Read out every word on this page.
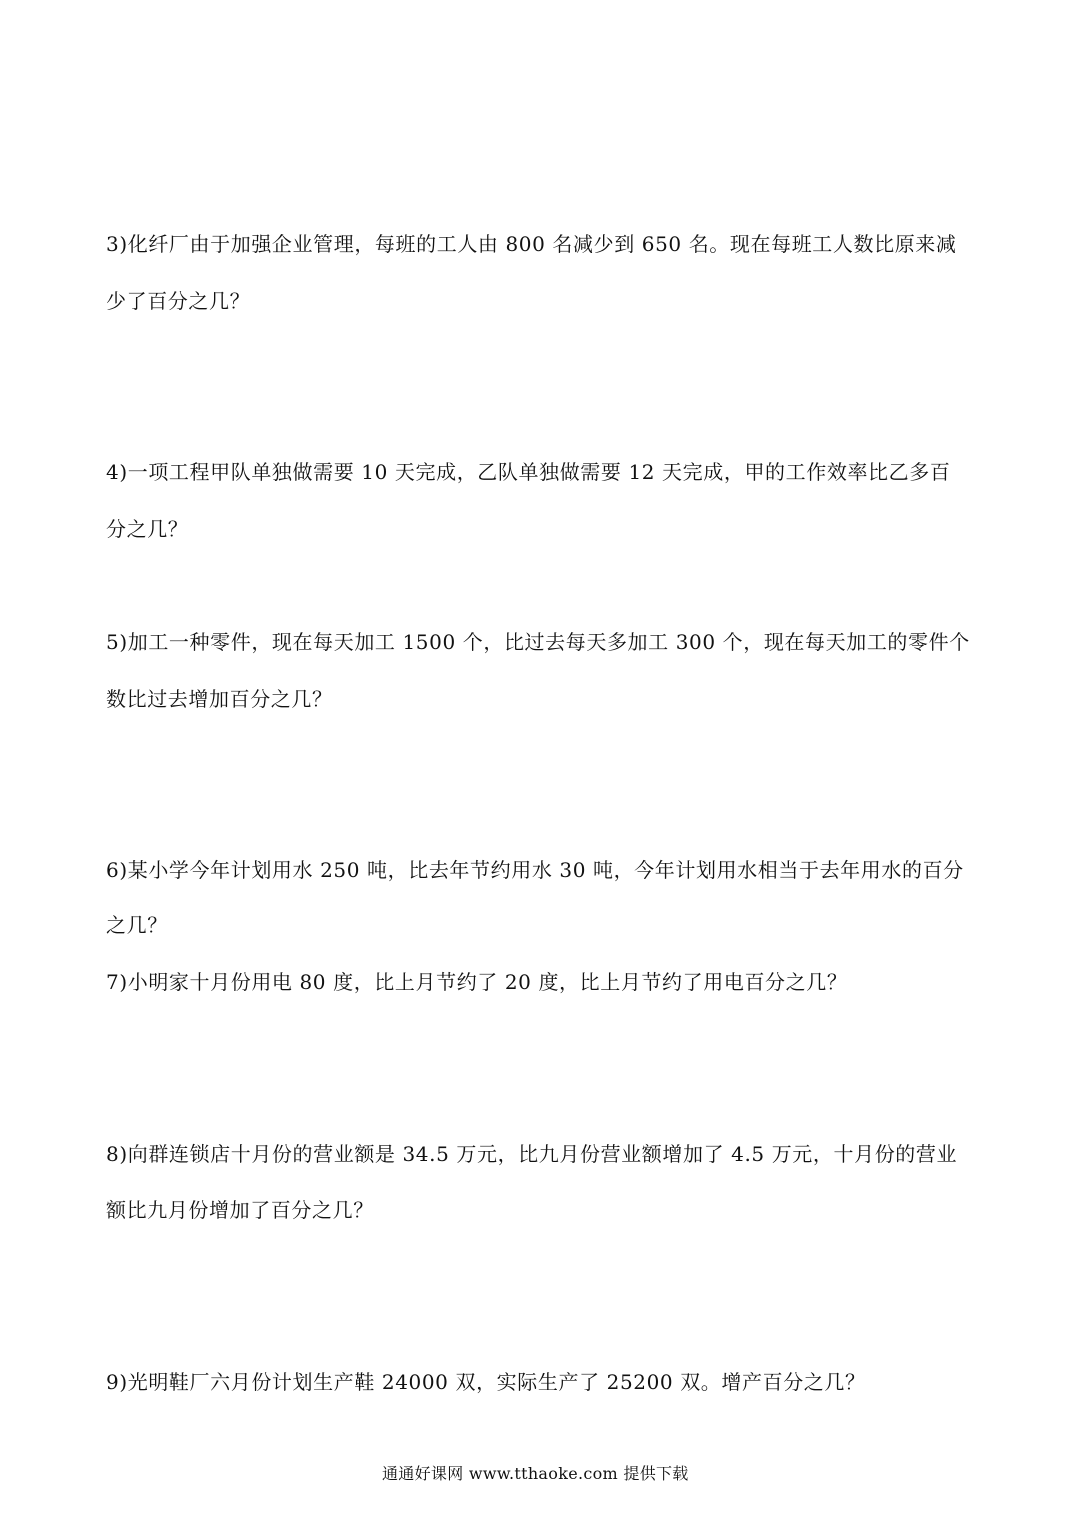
3)化纤厂由于加强企业管理，每班的工人由 800 名减少到 650 名。现在每班工人数比原来减
少了百分之几？
4)一项工程甲队单独做需要 10 天完成，乙队单独做需要 12 天完成，甲的工作效率比乙多百
分之几？
5)加工一种零件，现在每天加工 1500 个，比过去每天多加工 300 个，现在每天加工的零件个
数比过去增加百分之几？
6)某小学今年计划用水 250 吨，比去年节约用水 30 吨，今年计划用水相当于去年用水的百分
之几？
7)小明家十月份用电 80 度，比上月节约了 20 度，比上月节约了用电百分之几？
8)向群连锁店十月份的营业额是 34.5 万元，比九月份营业额增加了 4.5 万元，十月份的营业
额比九月份增加了百分之几？
9)光明鞋厂六月份计划生产鞋 24000 双，实际生产了 25200 双。增产百分之几？
通通好课网 www.tthaoke.com 提供下载
